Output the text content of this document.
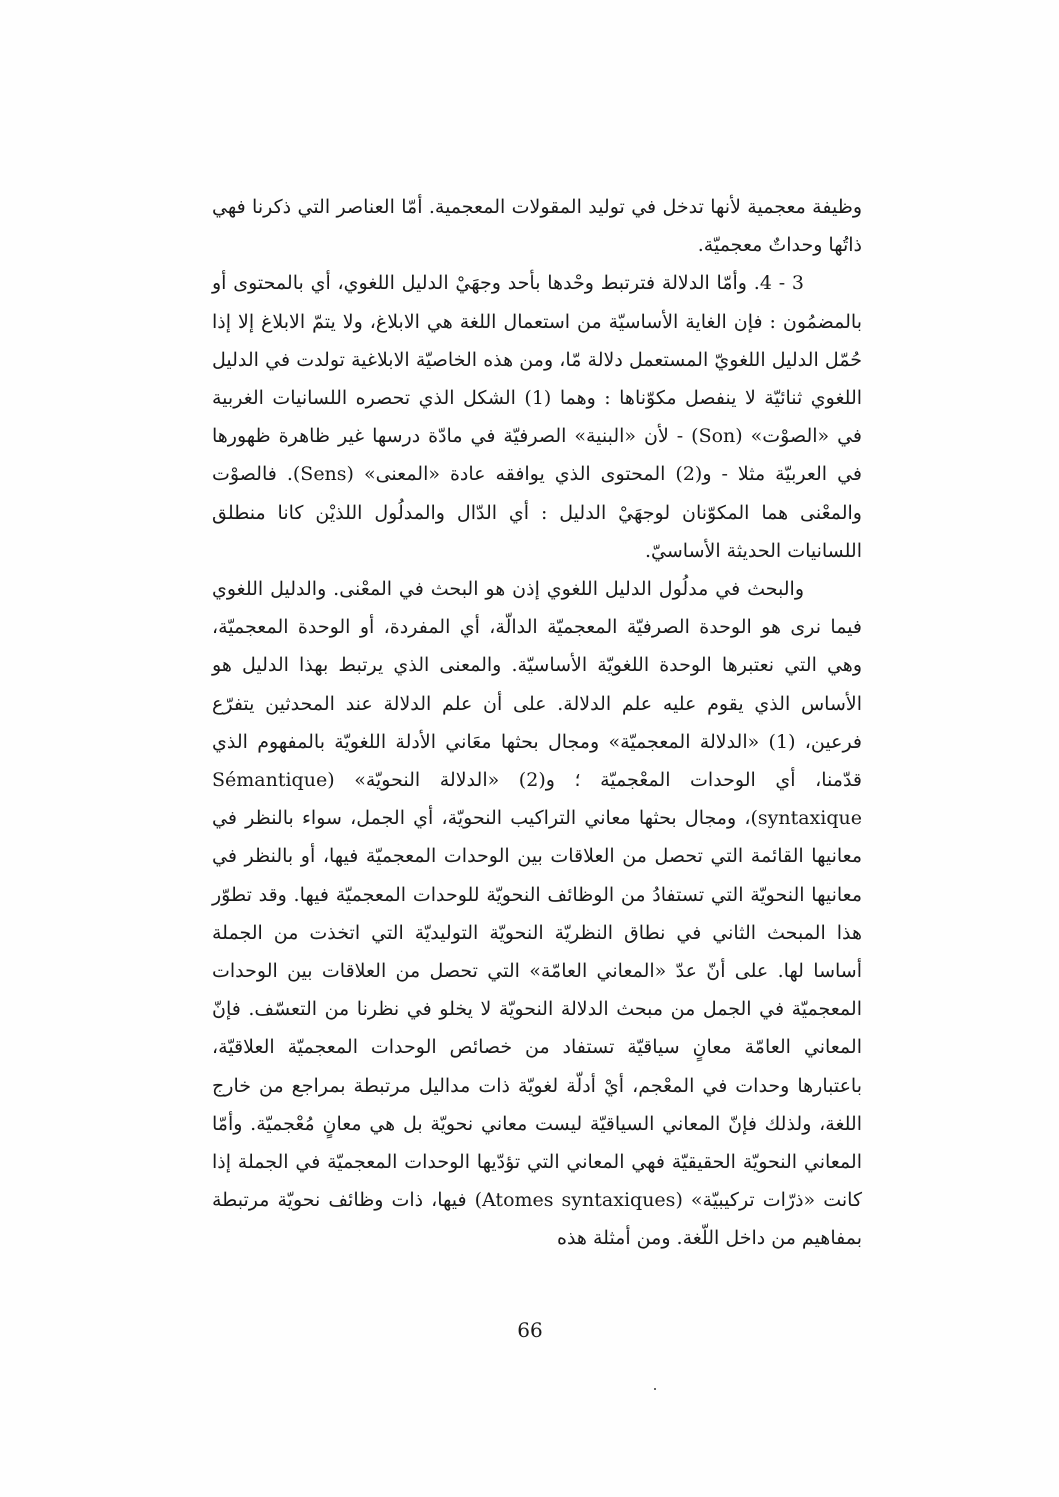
وظيفة معجمية لأنها تدخل في توليد المقولات المعجمية. أمّا العناصر التي ذكرنا فهي ذاتُها وحداتٌ معجميّة.

3 - 4. وأمّا الدلالة فترتبط وحْدها بأحد وجهَيْ الدليل اللغوي، أي بالمحتوى أو بالمضمُون : فإن الغاية الأساسيّة من استعمال اللغة هي الابلاغ، ولا يتمّ الابلاغ إلا إذا حُمّل الدليل اللغويّ المستعمل دلالة مّا، ومن هذه الخاصيّة الابلاغية تولدت في الدليل اللغوي ثنائيّة لا ينفصل مكوّناها : وهما (1) الشكل الذي تحصره اللسانيات الغربية في «الصوْت» (Son) - لأن «البنية» الصرفيّة في مادّة درسها غير ظاهرة ظهورها في العربيّة مثلا - و(2) المحتوى الذي يوافقه عادة «المعنى» (Sens). فالصوْت والمعْنى هما المكوّنان لوجهَيْ الدليل : أي الدّال والمدلُول اللذيْن كانا منطلق اللسانيات الحديثة الأساسيّ.

والبحث في مدلُول الدليل اللغوي إذن هو البحث في المعْنى. والدليل اللغوي فيما نرى هو الوحدة الصرفيّة المعجميّة الدالّة، أي المفردة، أو الوحدة المعجميّة، وهي التي نعتبرها الوحدة اللغويّة الأساسيّة. والمعنى الذي يرتبط بهذا الدليل هو الأساس الذي يقوم عليه علم الدلالة. على أن علم الدلالة عند المحدثين يتفرّع فرعين، (1) «الدلالة المعجميّة» ومجال بحثها معَاني الأدلة اللغويّة بالمفهوم الذي قدّمنا، أي الوحدات المعْجميّة ؛ و(2) «الدلالة النحويّة» (Sémantique syntaxique)، ومجال بحثها معاني التراكيب النحويّة، أي الجمل، سواء بالنظر في معانيها القائمة التي تحصل من العلاقات بين الوحدات المعجميّة فيها، أو بالنظر في معانيها النحويّة التي تستفادُ من الوظائف النحويّة للوحدات المعجميّة فيها. وقد تطوّر هذا المبحث الثاني في نطاق النظريّة النحويّة التوليديّة التي اتخذت من الجملة أساسا لها. على أنّ عدّ «المعاني العامّة» التي تحصل من العلاقات بين الوحدات المعجميّة في الجمل من مبحث الدلالة النحويّة لا يخلو في نظرنا من التعسّف. فإنّ المعاني العامّة معانٍ سياقيّة تستفاد من خصائص الوحدات المعجميّة العلاقيّة، باعتبارها وحدات في المعْجم، أيْ أدلّة لغويّة ذات مداليل مرتبطة بمراجع من خارج اللغة، ولذلك فإنّ المعاني السياقيّة ليست معاني نحويّة بل هي معانٍ مُعْجميّة. وأمّا المعاني النحويّة الحقيقيّة فهي المعاني التي تؤدّيها الوحدات المعجميّة في الجملة إذا كانت «ذرّات تركيبيّة» (Atomes syntaxiques) فيها، ذات وظائف نحويّة مرتبطة بمفاهيم من داخل اللّغة. ومن أمثلة هذه

66
